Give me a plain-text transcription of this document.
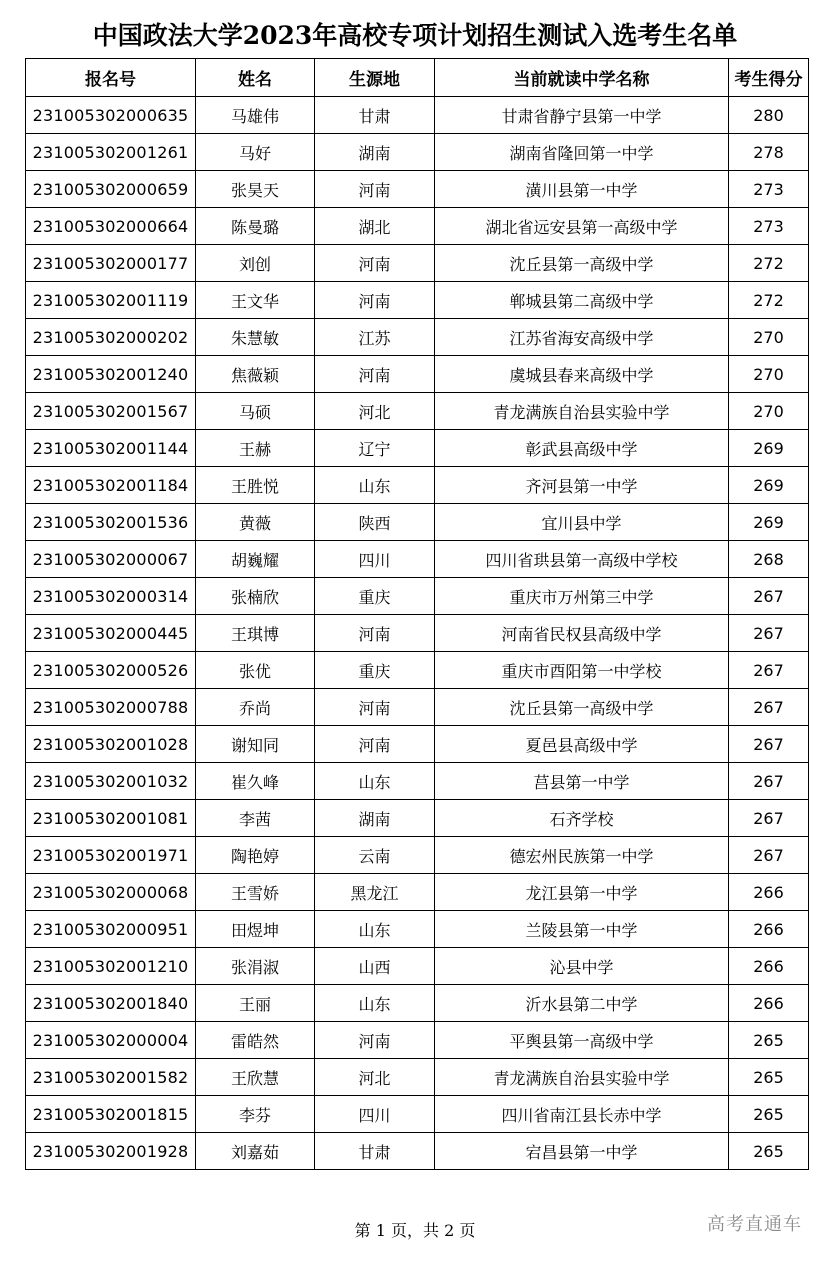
中国政法大学2023年高校专项计划招生测试入选考生名单
报名号	姓名	生源地	当前就读中学名称	考生得分
231005302000635	马雄伟	甘肃	甘肃省静宁县第一中学	280
231005302001261	马好	湖南	湖南省隆回第一中学	278
231005302000659	张昊天	河南	潢川县第一中学	273
231005302000664	陈曼璐	湖北	湖北省远安县第一高级中学	273
231005302000177	刘创	河南	沈丘县第一高级中学	272
231005302001119	王文华	河南	郸城县第二高级中学	272
231005302000202	朱慧敏	江苏	江苏省海安高级中学	270
231005302001240	焦薇颖	河南	虞城县春来高级中学	270
231005302001567	马硕	河北	青龙满族自治县实验中学	270
231005302001144	王赫	辽宁	彰武县高级中学	269
231005302001184	王胜悦	山东	齐河县第一中学	269
231005302001536	黄薇	陕西	宜川县中学	269
231005302000067	胡巍耀	四川	四川省珙县第一高级中学校	268
231005302000314	张楠欣	重庆	重庆市万州第三中学	267
231005302000445	王琪博	河南	河南省民权县高级中学	267
231005302000526	张优	重庆	重庆市酉阳第一中学校	267
231005302000788	乔尚	河南	沈丘县第一高级中学	267
231005302001028	谢知同	河南	夏邑县高级中学	267
231005302001032	崔久峰	山东	莒县第一中学	267
231005302001081	李茜	湖南	石齐学校	267
231005302001971	陶艳婷	云南	德宏州民族第一中学	267
231005302000068	王雪娇	黑龙江	龙江县第一中学	266
231005302000951	田煜坤	山东	兰陵县第一中学	266
231005302001210	张涓淑	山西	沁县中学	266
231005302001840	王丽	山东	沂水县第二中学	266
231005302000004	雷皓然	河南	平舆县第一高级中学	265
231005302001582	王欣慧	河北	青龙满族自治县实验中学	265
231005302001815	李芬	四川	四川省南江县长赤中学	265
231005302001928	刘嘉茹	甘肃	宕昌县第一中学	265
第 1 页，共 2 页	高考直通车
